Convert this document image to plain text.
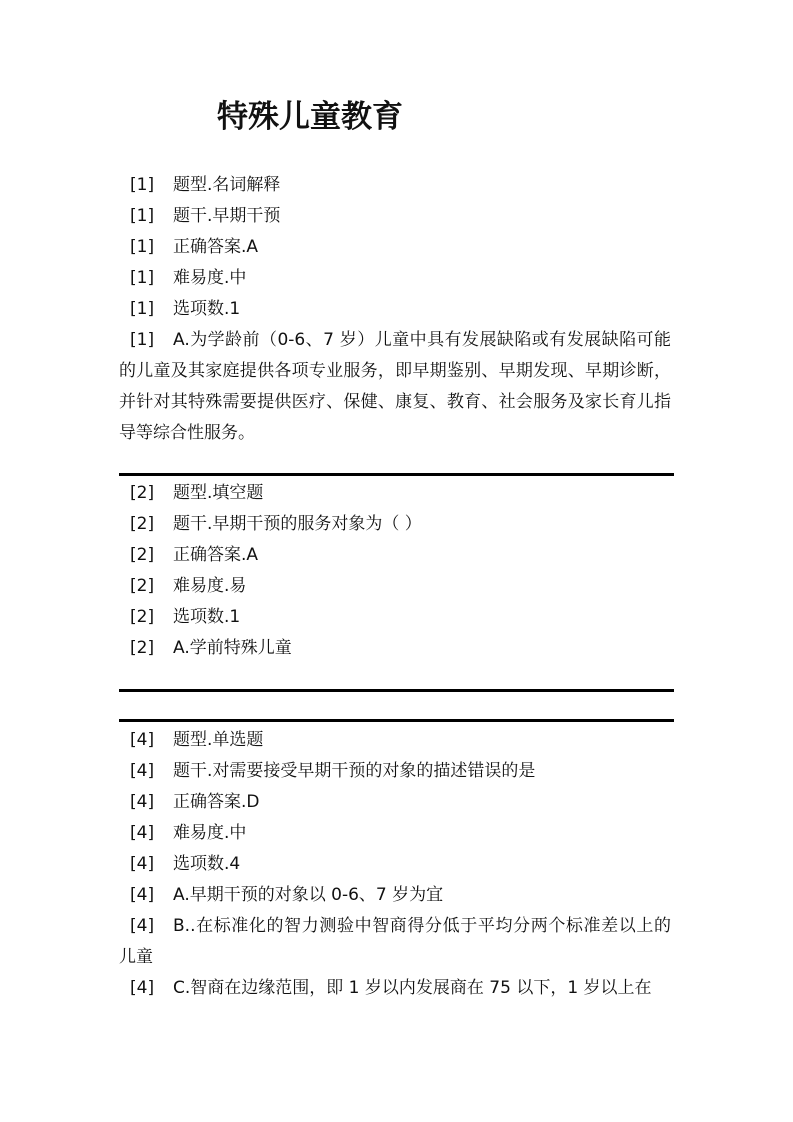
特殊儿童教育
[1] 题型.名词解释
[1] 题干.早期干预
[1] 正确答案.A
[1] 难易度.中
[1] 选项数.1
[1] A.为学龄前（0-6、7 岁）儿童中具有发展缺陷或有发展缺陷可能的儿童及其家庭提供各项专业服务，即早期鉴别、早期发现、早期诊断，并针对其特殊需要提供医疗、保健、康复、教育、社会服务及家长育儿指导等综合性服务。
[2] 题型.填空题
[2] 题干.早期干预的服务对象为（ ）
[2] 正确答案.A
[2] 难易度.易
[2] 选项数.1
[2] A.学前特殊儿童
[4] 题型.单选题
[4] 题干.对需要接受早期干预的对象的描述错误的是
[4] 正确答案.D
[4] 难易度.中
[4] 选项数.4
[4] A.早期干预的对象以 0-6、7 岁为宜
[4] B..在标准化的智力测验中智商得分低于平均分两个标准差以上的儿童
[4] C.智商在边缘范围，即 1 岁以内发展商在 75 以下，1 岁以上在
